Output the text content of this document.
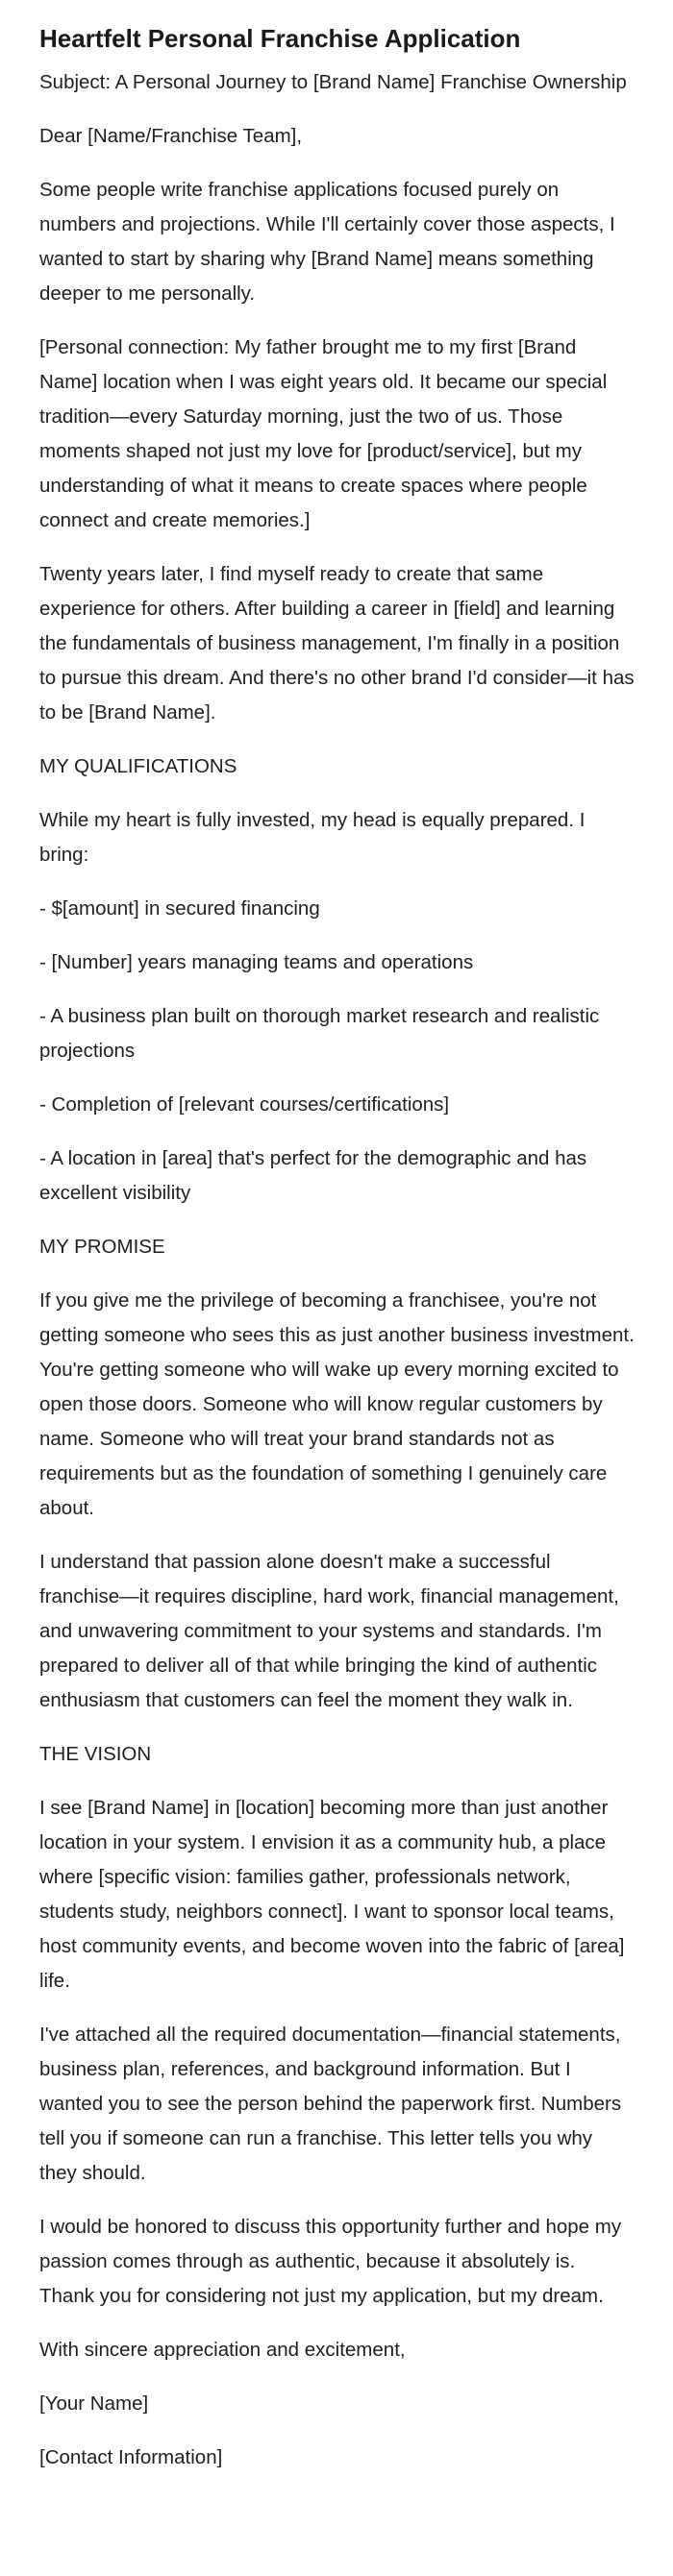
Heartfelt Personal Franchise Application

Subject: A Personal Journey to [Brand Name] Franchise Ownership

Dear [Name/Franchise Team],

Some people write franchise applications focused purely on numbers and projections. While I'll certainly cover those aspects, I wanted to start by sharing why [Brand Name] means something deeper to me personally.

[Personal connection: My father brought me to my first [Brand Name] location when I was eight years old. It became our special tradition—every Saturday morning, just the two of us. Those moments shaped not just my love for [product/service], but my understanding of what it means to create spaces where people connect and create memories.]

Twenty years later, I find myself ready to create that same experience for others. After building a career in [field] and learning the fundamentals of business management, I'm finally in a position to pursue this dream. And there's no other brand I'd consider—it has to be [Brand Name].

MY QUALIFICATIONS

While my heart is fully invested, my head is equally prepared. I bring:

- $[amount] in secured financing

- [Number] years managing teams and operations

- A business plan built on thorough market research and realistic projections

- Completion of [relevant courses/certifications]

- A location in [area] that's perfect for the demographic and has excellent visibility

MY PROMISE

If you give me the privilege of becoming a franchisee, you're not getting someone who sees this as just another business investment. You're getting someone who will wake up every morning excited to open those doors. Someone who will know regular customers by name. Someone who will treat your brand standards not as requirements but as the foundation of something I genuinely care about.

I understand that passion alone doesn't make a successful franchise—it requires discipline, hard work, financial management, and unwavering commitment to your systems and standards. I'm prepared to deliver all of that while bringing the kind of authentic enthusiasm that customers can feel the moment they walk in.

THE VISION

I see [Brand Name] in [location] becoming more than just another location in your system. I envision it as a community hub, a place where [specific vision: families gather, professionals network, students study, neighbors connect]. I want to sponsor local teams, host community events, and become woven into the fabric of [area] life.

I've attached all the required documentation—financial statements, business plan, references, and background information. But I wanted you to see the person behind the paperwork first. Numbers tell you if someone can run a franchise. This letter tells you why they should.

I would be honored to discuss this opportunity further and hope my passion comes through as authentic, because it absolutely is. Thank you for considering not just my application, but my dream.

With sincere appreciation and excitement,

[Your Name]

[Contact Information]
